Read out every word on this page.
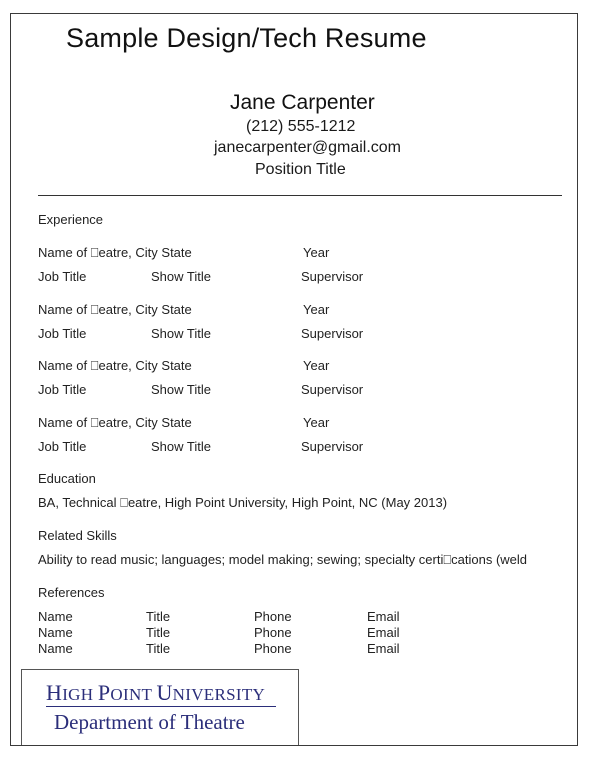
Sample Design/Tech Resume
Jane Carpenter
(212) 555-1212
janecarpenter@gmail.com
Position Title
Experience
Name of ⎕eatre, City State	Year
Job Title	Show Title	Supervisor
Name of ⎕eatre, City State	Year
Job Title	Show Title	Supervisor
Name of ⎕eatre, City State	Year
Job Title	Show Title	Supervisor
Name of ⎕eatre, City State	Year
Job Title	Show Title	Supervisor
Education
BA, Technical ⎕eatre, High Point University, High Point, NC (May 2013)
Related Skills
Ability to read music; languages; model making; sewing; specialty certi⎕cations (weld
References
Name	Title	Phone	Email
Name	Title	Phone	Email
Name	Title	Phone	Email
HIGH POINT UNIVERSITY
Department of Theatre
